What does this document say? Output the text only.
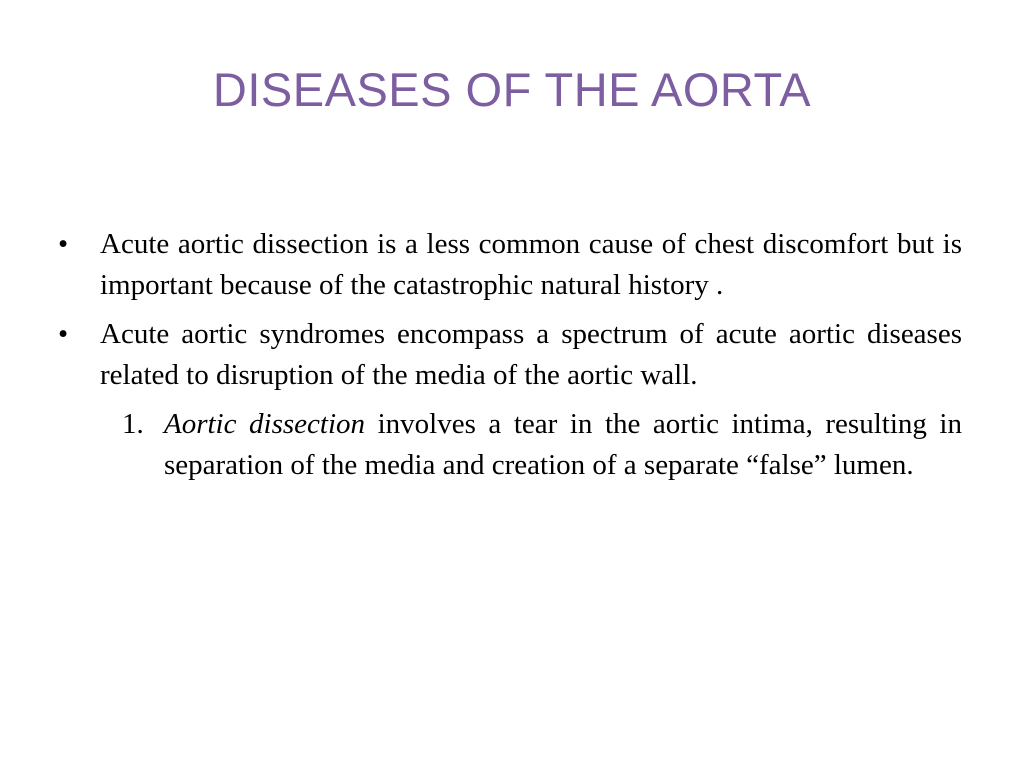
DISEASES OF THE AORTA

• Acute aortic dissection is a less common cause of chest discomfort but is important because of the catastrophic natural history .

• Acute aortic syndromes encompass a spectrum of acute aortic diseases related to disruption of the media of the aortic wall.

1. Aortic dissection involves a tear in the aortic intima, resulting in separation of the media and creation of a separate “false” lumen.
